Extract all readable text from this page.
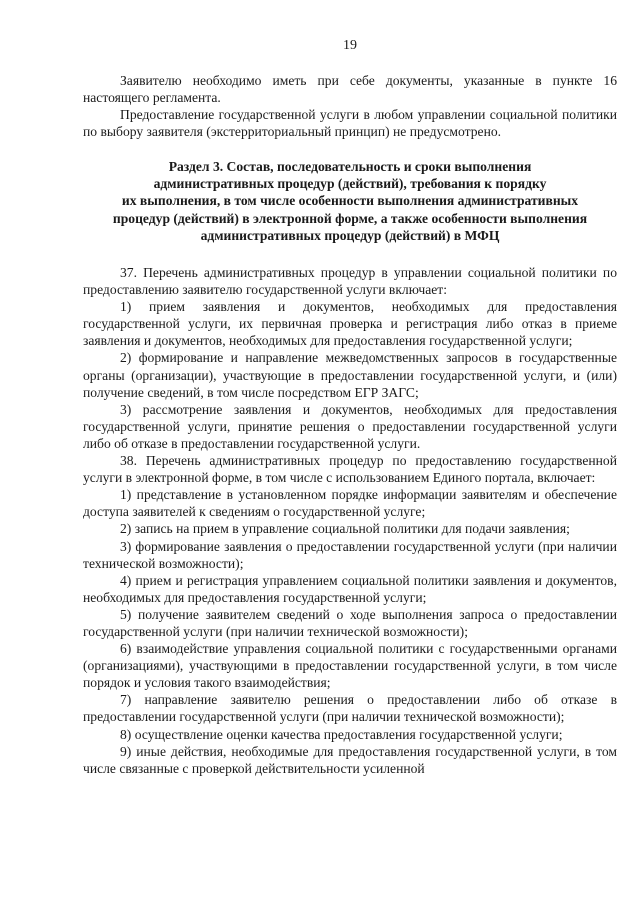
19

Заявителю необходимо иметь при себе документы, указанные в пункте 16 настоящего регламента.

Предоставление государственной услуги в любом управлении социальной политики по выбору заявителя (экстерриториальный принцип) не предусмотрено.

Раздел 3. Состав, последовательность и сроки выполнения
административных процедур (действий), требования к порядку
их выполнения, в том числе особенности выполнения административных
процедур (действий) в электронной форме, а также особенности выполнения
административных процедур (действий) в МФЦ

37. Перечень административных процедур в управлении социальной политики по предоставлению заявителю государственной услуги включает:

1) прием заявления и документов, необходимых для предоставления государственной услуги, их первичная проверка и регистрация либо отказ в приеме заявления и документов, необходимых для предоставления государственной услуги;

2) формирование и направление межведомственных запросов в государственные органы (организации), участвующие в предоставлении государственной услуги, и (или) получение сведений, в том числе посредством ЕГР ЗАГС;

3) рассмотрение заявления и документов, необходимых для предоставления государственной услуги, принятие решения о предоставлении государственной услуги либо об отказе в предоставлении государственной услуги.

38. Перечень административных процедур по предоставлению государственной услуги в электронной форме, в том числе с использованием Единого портала, включает:

1) представление в установленном порядке информации заявителям и обеспечение доступа заявителей к сведениям о государственной услуге;

2) запись на прием в управление социальной политики для подачи заявления;

3) формирование заявления о предоставлении государственной услуги (при наличии технической возможности);

4) прием и регистрация управлением социальной политики заявления и документов, необходимых для предоставления государственной услуги;

5) получение заявителем сведений о ходе выполнения запроса о предоставлении государственной услуги (при наличии технической возможности);

6) взаимодействие управления социальной политики с государственными органами (организациями), участвующими в предоставлении государственной услуги, в том числе порядок и условия такого взаимодействия;

7) направление заявителю решения о предоставлении либо об отказе в предоставлении государственной услуги (при наличии технической возможности);

8) осуществление оценки качества предоставления государственной услуги;

9) иные действия, необходимые для предоставления государственной услуги, в том числе связанные с проверкой действительности усиленной
